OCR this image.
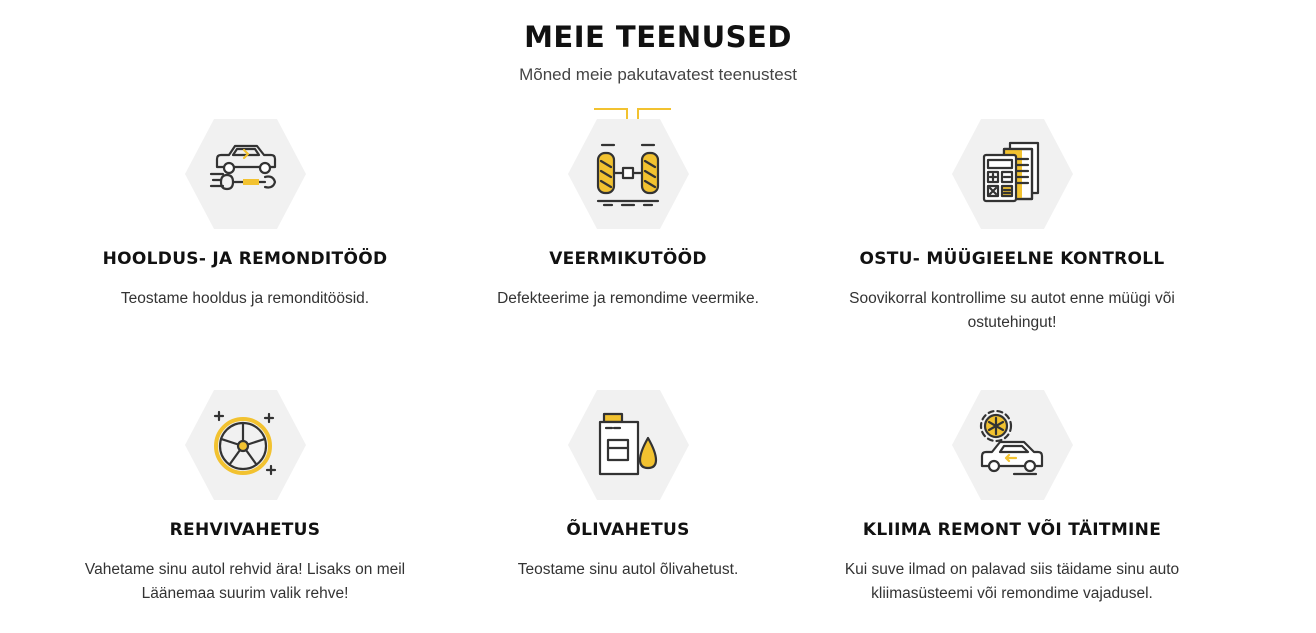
MEIE TEENUSED

Mõned meie pakutavatest teenustest

HOOLDUS- JA REMONDITÖÖD

Teostame hooldus ja remonditöösid.

VEERMIKUTÖÖD

Defekteerime ja remondime veermike.

OSTU- MÜÜGIEELNE KONTROLL

Soovikorral kontrollime su autot enne müügi või ostutehingut!

REHVIVAHETUS

Vahetame sinu autol rehvid ära! Lisaks on meil Läänemaa suurim valik rehve!

ÕLIVAHETUS

Teostame sinu autol õlivahetust.

KLIIMA REMONT VÕI TÄITMINE

Kui suve ilmad on palavad siis täidame sinu auto kliimasüsteemi või remondime vajadusel.
